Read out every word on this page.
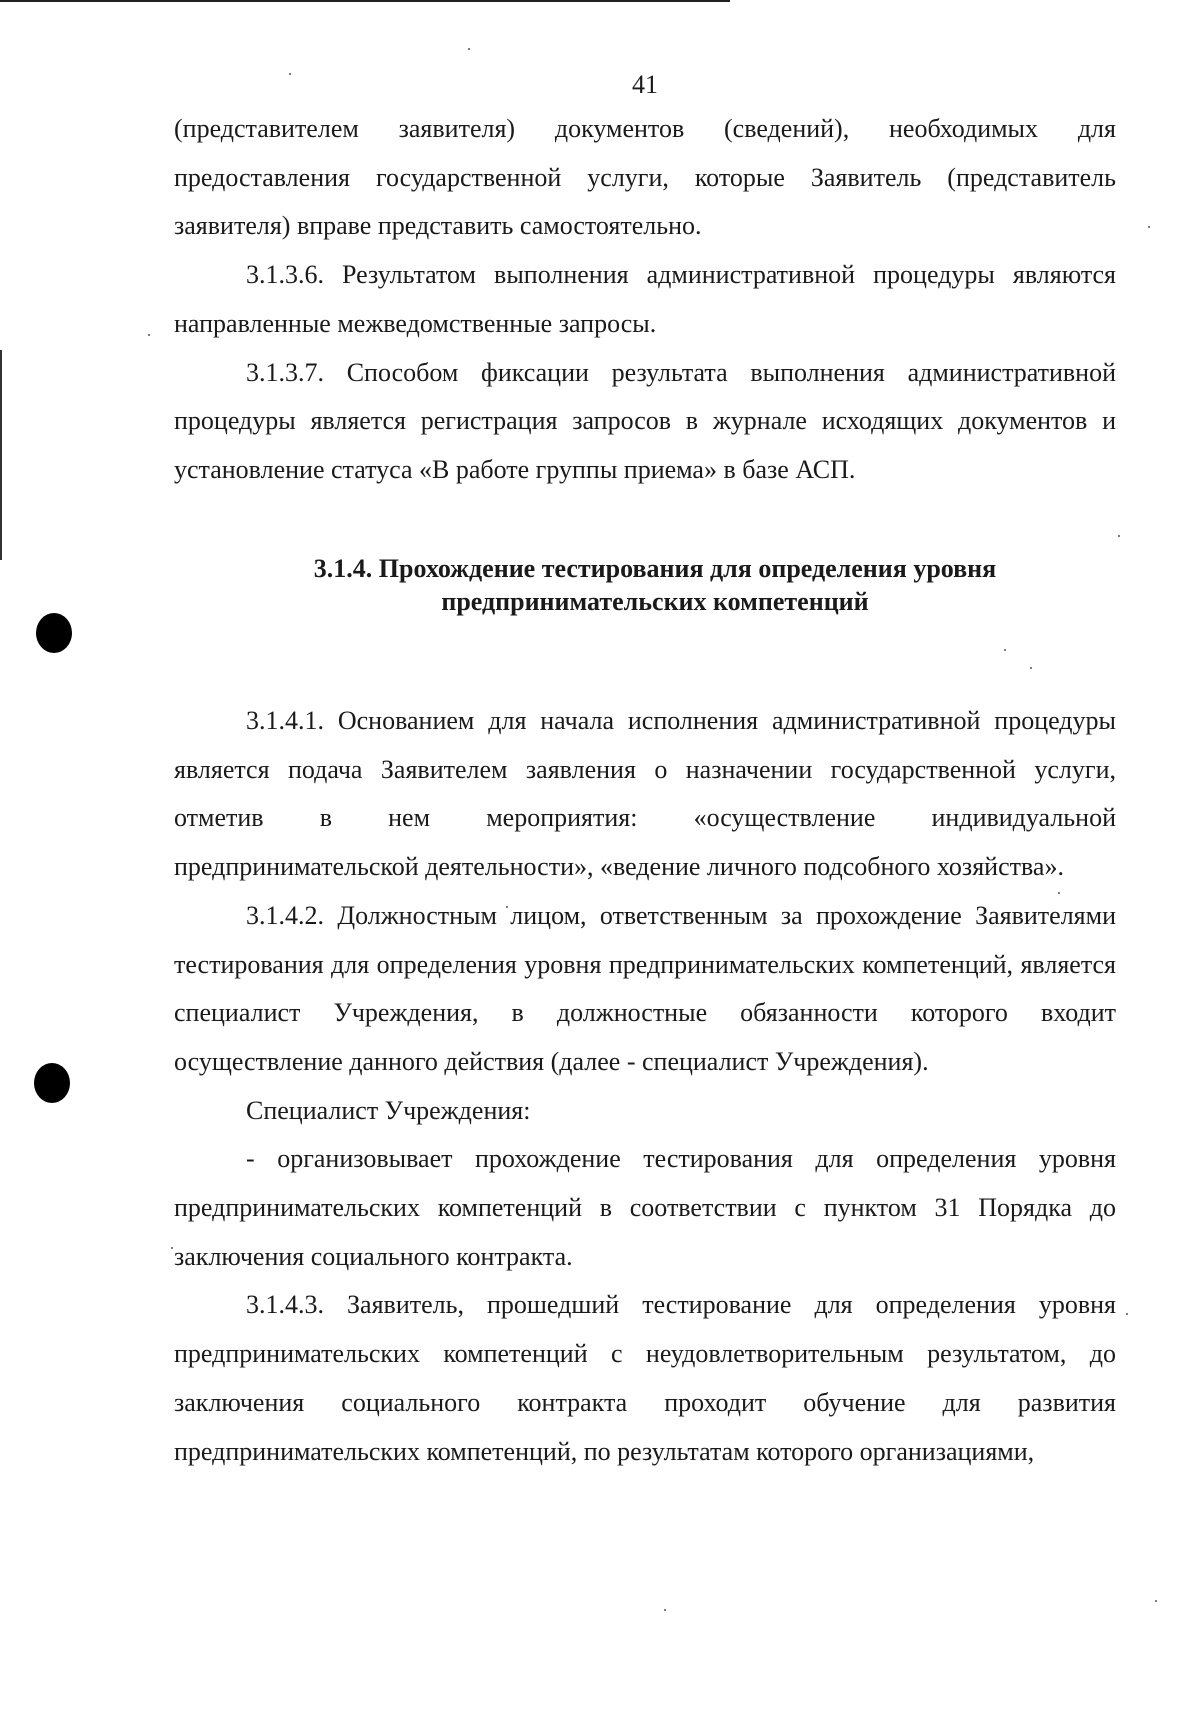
41

(представителем заявителя) документов (сведений), необходимых для предоставления государственной услуги, которые Заявитель (представитель заявителя) вправе представить самостоятельно.

3.1.3.6. Результатом выполнения административной процедуры являются направленные межведомственные запросы.

3.1.3.7. Способом фиксации результата выполнения административной процедуры является регистрация запросов в журнале исходящих документов и установление статуса «В работе группы приема» в базе АСП.

3.1.4. Прохождение тестирования для определения уровня
предпринимательских компетенций

3.1.4.1. Основанием для начала исполнения административной процедуры является подача Заявителем заявления о назначении государственной услуги, отметив в нем мероприятия: «осуществление индивидуальной предпринимательской деятельности», «ведение личного подсобного хозяйства».

3.1.4.2. Должностным лицом, ответственным за прохождение Заявителями тестирования для определения уровня предпринимательских компетенций, является специалист Учреждения, в должностные обязанности которого входит осуществление данного действия (далее - специалист Учреждения).

Специалист Учреждения:

- организовывает прохождение тестирования для определения уровня предпринимательских компетенций в соответствии с пунктом 31 Порядка до заключения социального контракта.

3.1.4.3. Заявитель, прошедший тестирование для определения уровня предпринимательских компетенций с неудовлетворительным результатом, до заключения социального контракта проходит обучение для развития предпринимательских компетенций, по результатам которого организациями,
